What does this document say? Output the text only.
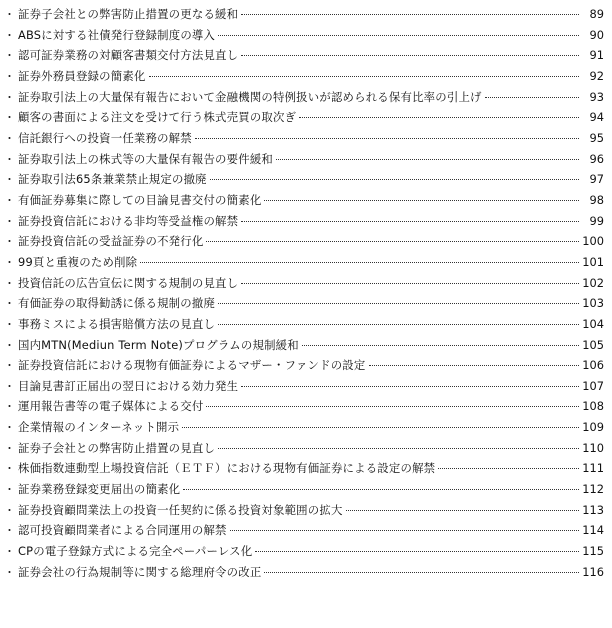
・ 証券子会社との弊害防止措置の更なる緩和	89
・ ABSに対する社債発行登録制度の導入	90
・ 認可証券業務の対顧客書類交付方法見直し	91
・ 証券外務員登録の簡素化	92
・ 証券取引法上の大量保有報告において金融機関の特例扱いが認められる保有比率の引上げ	93
・ 顧客の書面による注文を受けて行う株式売買の取次ぎ	94
・ 信託銀行への投資一任業務の解禁	95
・ 証券取引法上の株式等の大量保有報告の要件緩和	96
・ 証券取引法65条兼業禁止規定の撤廃	97
・ 有価証券募集に際しての目論見書交付の簡素化	98
・ 証券投資信託における非均等受益権の解禁	99
・ 証券投資信託の受益証券の不発行化	100
・ 99頁と重複のため削除	101
・ 投資信託の広告宣伝に関する規制の見直し	102
・ 有価証券の取得勧誘に係る規制の撤廃	103
・ 事務ミスによる損害賠償方法の見直し	104
・ 国内MTN(Mediun Term Note)プログラムの規制緩和	105
・ 証券投資信託における現物有価証券によるマザー・ファンドの設定	106
・ 目論見書訂正届出の翌日における効力発生	107
・ 運用報告書等の電子媒体による交付	108
・ 企業情報のインターネット開示	109
・ 証券子会社との弊害防止措置の見直し	110
・ 株価指数連動型上場投資信託（ＥＴＦ）における現物有価証券による設定の解禁	111
・ 証券業務登録変更届出の簡素化	112
・ 証券投資顧問業法上の投資一任契約に係る投資対象範囲の拡大	113
・ 認可投資顧問業者による合同運用の解禁	114
・ CPの電子登録方式による完全ペーパーレス化	115
・ 証券会社の行為規制等に関する総理府令の改正	116
